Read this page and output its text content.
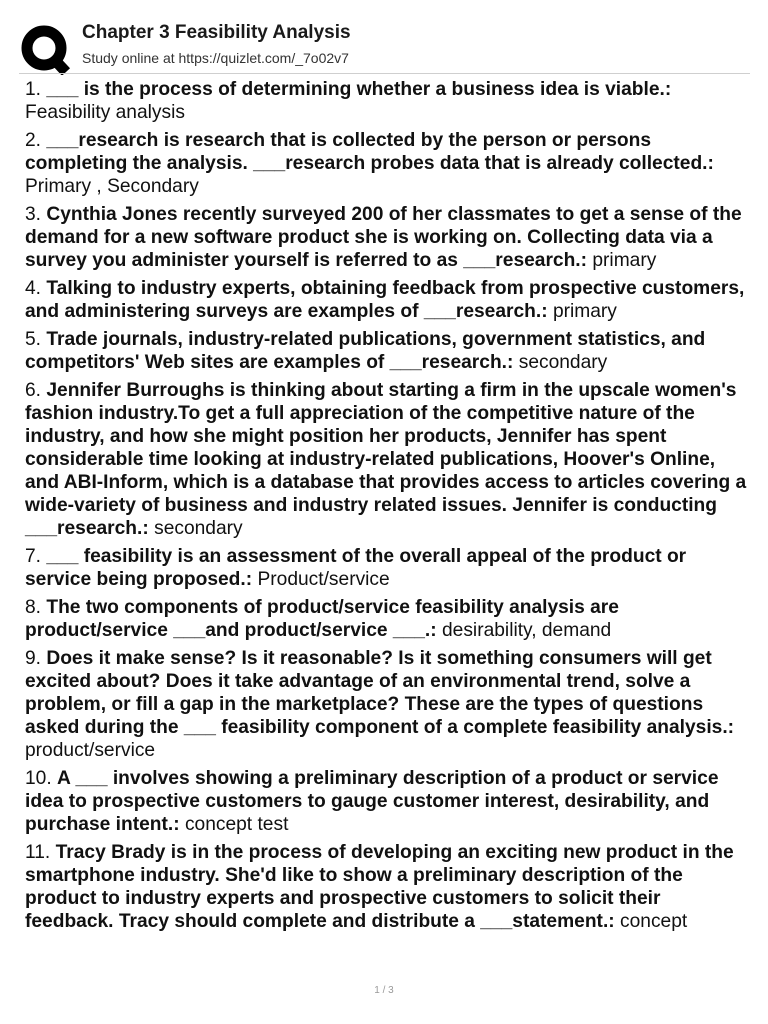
Chapter 3 Feasibility Analysis
Study online at https://quizlet.com/_7o02v7
1. ___ is the process of determining whether a business idea is viable.: Feasibility analysis
2. ___research is research that is collected by the person or persons completing the analysis. ___research probes data that is already collected.: Primary , Secondary
3. Cynthia Jones recently surveyed 200 of her classmates to get a sense of the demand for a new software product she is working on. Collecting data via a survey you administer yourself is referred to as ___research.: primary
4. Talking to industry experts, obtaining feedback from prospective customers, and administering surveys are examples of ___research.: primary
5. Trade journals, industry-related publications, government statistics, and competitors' Web sites are examples of ___research.: secondary
6. Jennifer Burroughs is thinking about starting a firm in the upscale women's fashion industry.To get a full appreciation of the competitive nature of the industry, and how she might position her products, Jennifer has spent considerable time looking at industry-related publications, Hoover's Online, and ABI-Inform, which is a database that provides access to articles covering a wide-variety of business and industry related issues. Jennifer is conducting ___research.: secondary
7. ___ feasibility is an assessment of the overall appeal of the product or service being proposed.: Product/service
8. The two components of product/service feasibility analysis are product/service ___and product/service ___.: desirability, demand
9. Does it make sense? Is it reasonable? Is it something consumers will get excited about? Does it take advantage of an environmental trend, solve a problem, or fill a gap in the marketplace? These are the types of questions asked during the ___ feasibility component of a complete feasibility analysis.: product/service
10. A ___ involves showing a preliminary description of a product or service idea to prospective customers to gauge customer interest, desirability, and purchase intent.: concept test
11. Tracy Brady is in the process of developing an exciting new product in the smartphone industry. She'd like to show a preliminary description of the product to industry experts and prospective customers to solicit their feedback. Tracy should complete and distribute a ___statement.: concept
1 / 3
